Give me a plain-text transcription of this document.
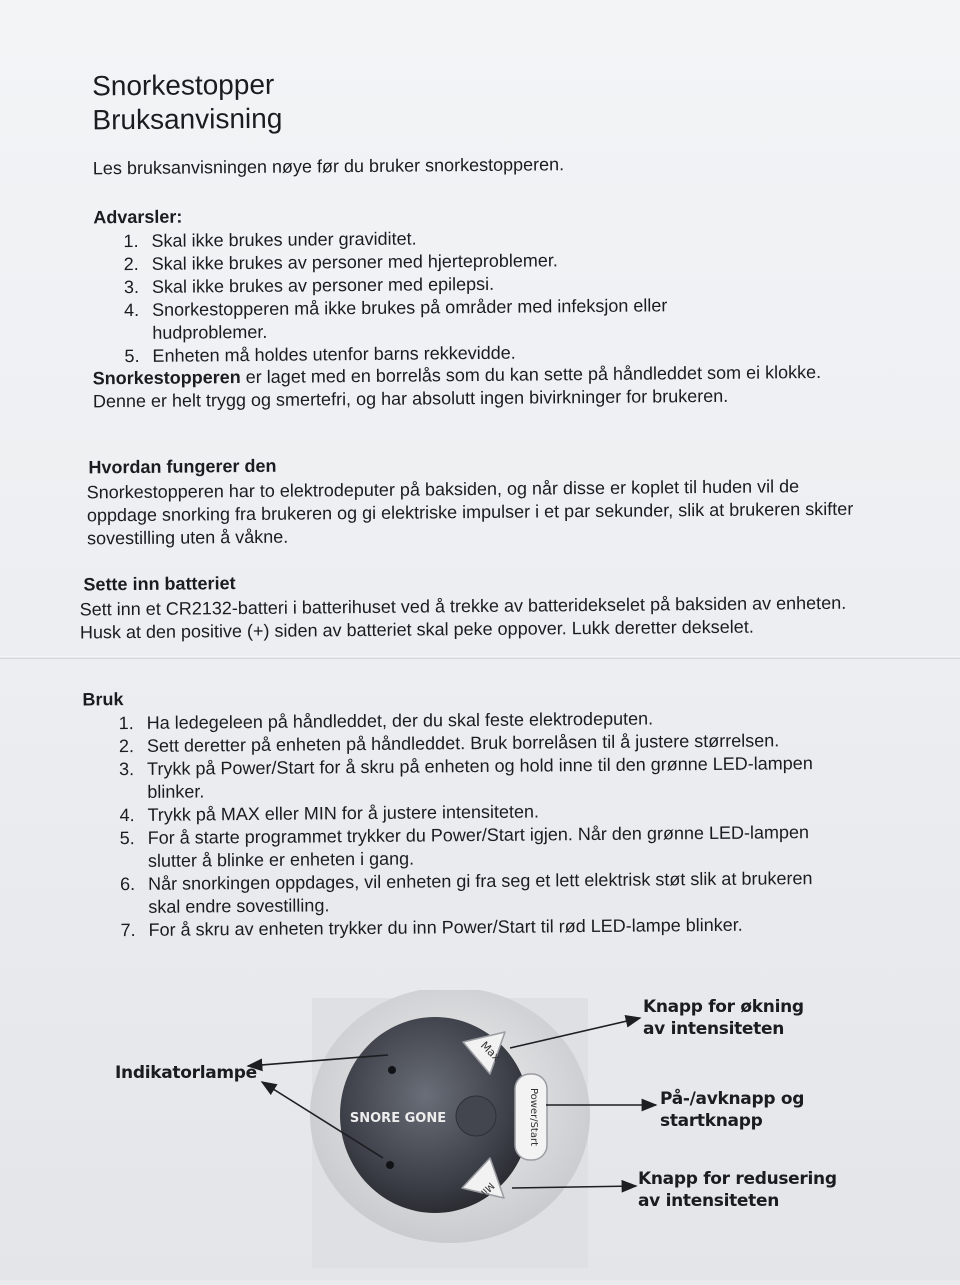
Snorkestopper
Bruksanvisning

Les bruksanvisningen nøye før du bruker snorkestopperen.

Advarsler:

1. Skal ikke brukes under graviditet.
2. Skal ikke brukes av personer med hjerteproblemer.
3. Skal ikke brukes av personer med epilepsi.
4. Snorkestopperen må ikke brukes på områder med infeksjon eller hudproblemer.
5. Enheten må holdes utenfor barns rekkevidde.

Snorkestopperen er laget med en borrelås som du kan sette på håndleddet som ei klokke. Denne er helt trygg og smertefri, og har absolutt ingen bivirkninger for brukeren.

Hvordan fungerer den

Snorkestopperen har to elektrodeputer på baksiden, og når disse er koplet til huden vil de oppdage snorking fra brukeren og gi elektriske impulser i et par sekunder, slik at brukeren skifter sovestilling uten å våkne.

Sette inn batteriet

Sett inn et CR2132-batteri i batterihuset ved å trekke av batteridekselet på baksiden av enheten. Husk at den positive (+) siden av batteriet skal peke oppover. Lukk deretter dekselet.

Bruk

1. Ha ledegeleen på håndleddet, der du skal feste elektrodeputen.
2. Sett deretter på enheten på håndleddet. Bruk borrelåsen til å justere størrelsen.
3. Trykk på Power/Start for å skru på enheten og hold inne til den grønne LED-lampen blinker.
4. Trykk på MAX eller MIN for å justere intensiteten.
5. For å starte programmet trykker du Power/Start igjen. Når den grønne LED-lampen slutter å blinke er enheten i gang.
6. Når snorkingen oppdages, vil enheten gi fra seg et lett elektrisk støt slik at brukeren skal endre sovestilling.
7. For å skru av enheten trykker du inn Power/Start til rød LED-lampe blinker.
SNORE GONE
Max
Power/Start
Min
Indikatorlampe
Knapp for økning av intensiteten
På-/avknapp og startknapp
Knapp for redusering av intensiteten
